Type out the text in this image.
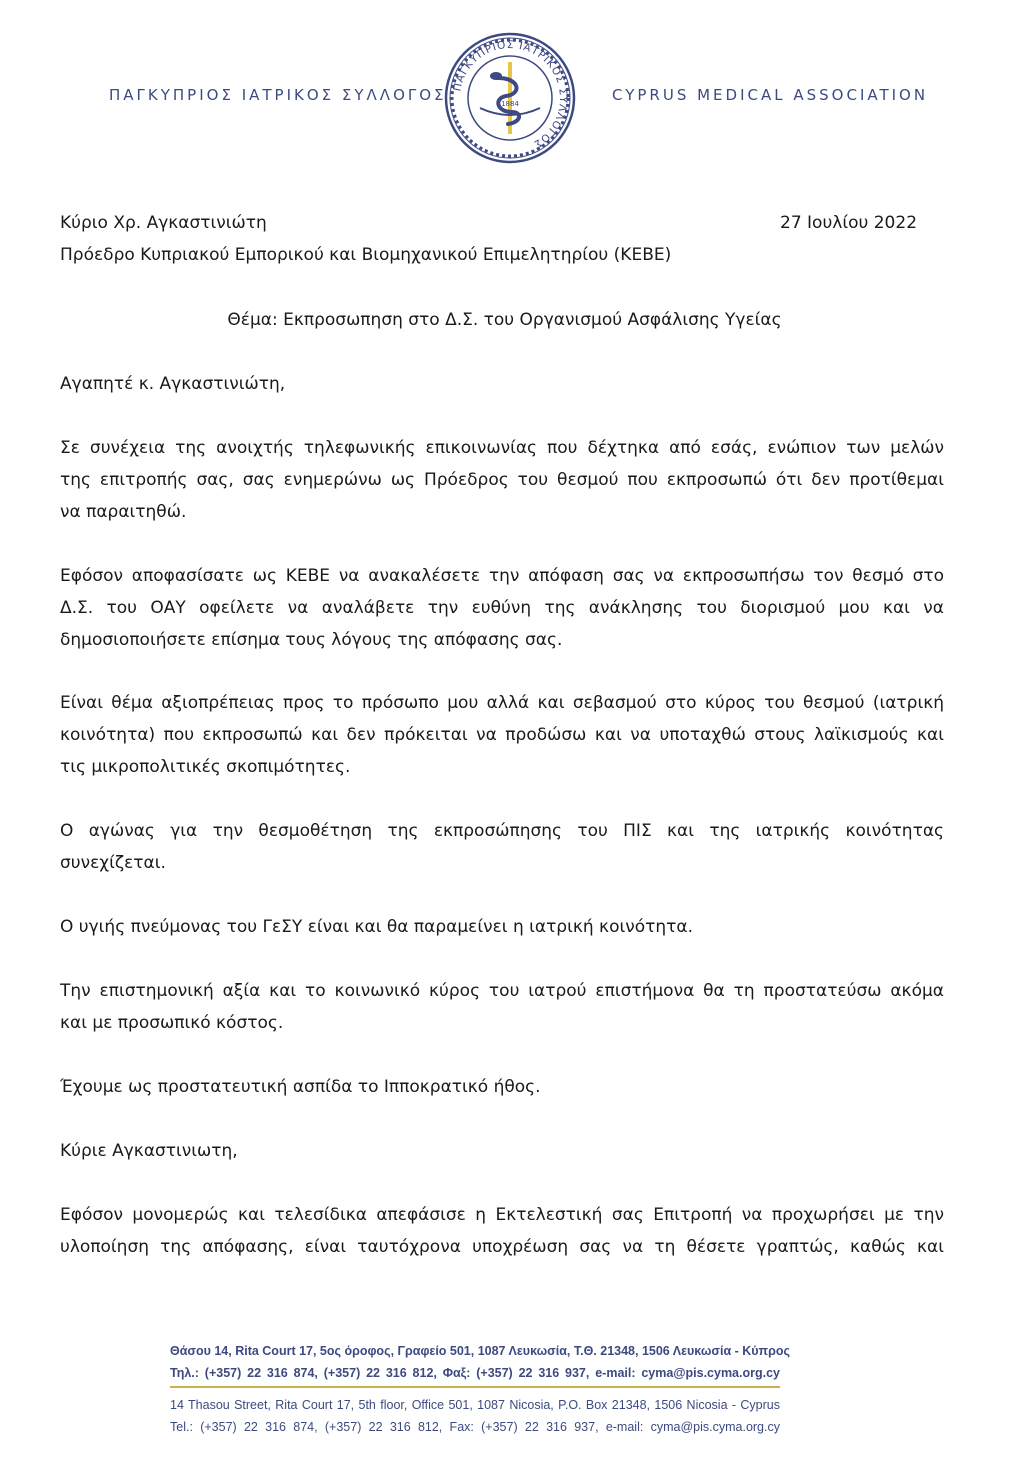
ΠΑΓΚΥΠΡΙΟΣ ΙΑΤΡΙΚΟΣ ΣΥΛΛΟΓΟΣ ΠΑΓΚΥΠΡΙΟΣ ΙΑΤΡΙΚΟΣ ΣΥΛΛΟΓΟΣ
1884	CYPRUS MEDICAL ASSOCIATION
Κύριο Χρ. Αγκαστινιώτη	27 Ιουλίου 2022
Πρόεδρο Κυπριακού Εμπορικού και Βιομηχανικού Επιμελητηρίου (ΚΕΒΕ)
Θέμα: Εκπροσωπηση στο Δ.Σ. του Οργανισμού Ασφάλισης Υγείας
Αγαπητέ κ. Αγκαστινιώτη,
Σε συνέχεια της ανοιχτής τηλεφωνικής επικοινωνίας που δέχτηκα από εσάς, ενώπιον των μελών
της επιτροπής σας, σας ενημερώνω ως Πρόεδρος του θεσμού που εκπροσωπώ ότι δεν προτίθεμαι
να παραιτηθώ.
Εφόσον αποφασίσατε ως ΚΕΒΕ να ανακαλέσετε την απόφαση σας να εκπροσωπήσω τον θεσμό στο
Δ.Σ. του ΟΑΥ οφείλετε να αναλάβετε την ευθύνη της ανάκλησης του διορισμού μου και να
δημοσιοποιήσετε επίσημα τους λόγους της απόφασης σας.
Είναι θέμα αξιοπρέπειας προς το πρόσωπο μου αλλά και σεβασμού στο κύρος του θεσμού (ιατρική
κοινότητα) που εκπροσωπώ και δεν πρόκειται να προδώσω και να υποταχθώ στους λαϊκισμούς και
τις μικροπολιτικές σκοπιμότητες.
Ο αγώνας για την θεσμοθέτηση της εκπροσώπησης του ΠΙΣ και της ιατρικής κοινότητας
συνεχίζεται.
Ο υγιής πνεύμονας του ΓεΣΥ είναι και θα παραμείνει η ιατρική κοινότητα.
Την επιστημονική αξία και το κοινωνικό κύρος του ιατρού επιστήμονα θα τη προστατεύσω ακόμα
και με προσωπικό κόστος.
Έχουμε ως προστατευτική ασπίδα το Ιπποκρατικό ήθος.
Κύριε Αγκαστινιωτη,
Εφόσον μονομερώς και τελεσίδικα απεφάσισε η Εκτελεστική σας Επιτροπή να προχωρήσει με την
υλοποίηση της απόφασης, είναι ταυτόχρονα υποχρέωση σας να τη θέσετε γραπτώς, καθώς και
Θάσου 14, Rita Court 17, 5ος όροφος, Γραφείο 501, 1087 Λευκωσία, Τ.Θ. 21348, 1506 Λευκωσία - Κύπρος
Τηλ.: (+357) 22 316 874, (+357) 22 316 812, Φαξ: (+357) 22 316 937, e-mail: cyma@pis.cyma.org.cy
14 Thasou Street, Rita Court 17, 5th floor, Office 501, 1087 Nicosia, P.O. Box 21348, 1506 Nicosia - Cyprus
Tel.: (+357) 22 316 874, (+357) 22 316 812, Fax: (+357) 22 316 937, e-mail: cyma@pis.cyma.org.cy
